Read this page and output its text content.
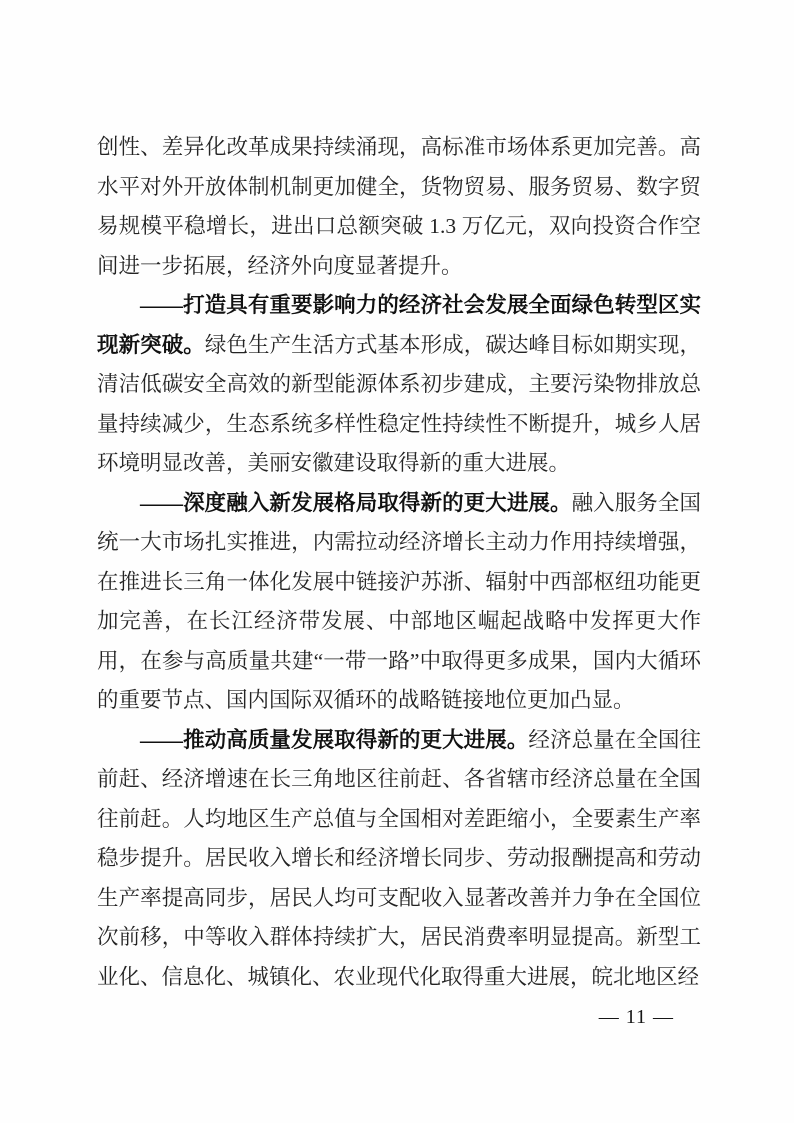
创性、差异化改革成果持续涌现，高标准市场体系更加完善。高水平对外开放体制机制更加健全，货物贸易、服务贸易、数字贸易规模平稳增长，进出口总额突破 1.3 万亿元，双向投资合作空间进一步拓展，经济外向度显著提升。

——打造具有重要影响力的经济社会发展全面绿色转型区实现新突破。绿色生产生活方式基本形成，碳达峰目标如期实现，清洁低碳安全高效的新型能源体系初步建成，主要污染物排放总量持续减少，生态系统多样性稳定性持续性不断提升，城乡人居环境明显改善，美丽安徽建设取得新的重大进展。

——深度融入新发展格局取得新的更大进展。融入服务全国统一大市场扎实推进，内需拉动经济增长主动力作用持续增强，在推进长三角一体化发展中链接沪苏浙、辐射中西部枢纽功能更加完善，在长江经济带发展、中部地区崛起战略中发挥更大作用，在参与高质量共建“一带一路”中取得更多成果，国内大循环的重要节点、国内国际双循环的战略链接地位更加凸显。

——推动高质量发展取得新的更大进展。经济总量在全国往前赶、经济增速在长三角地区往前赶、各省辖市经济总量在全国往前赶。人均地区生产总值与全国相对差距缩小，全要素生产率稳步提升。居民收入增长和经济增长同步、劳动报酬提高和劳动生产率提高同步，居民人均可支配收入显著改善并力争在全国位次前移，中等收入群体持续扩大，居民消费率明显提高。新型工业化、信息化、城镇化、农业现代化取得重大进展，皖北地区经

— 11 —
